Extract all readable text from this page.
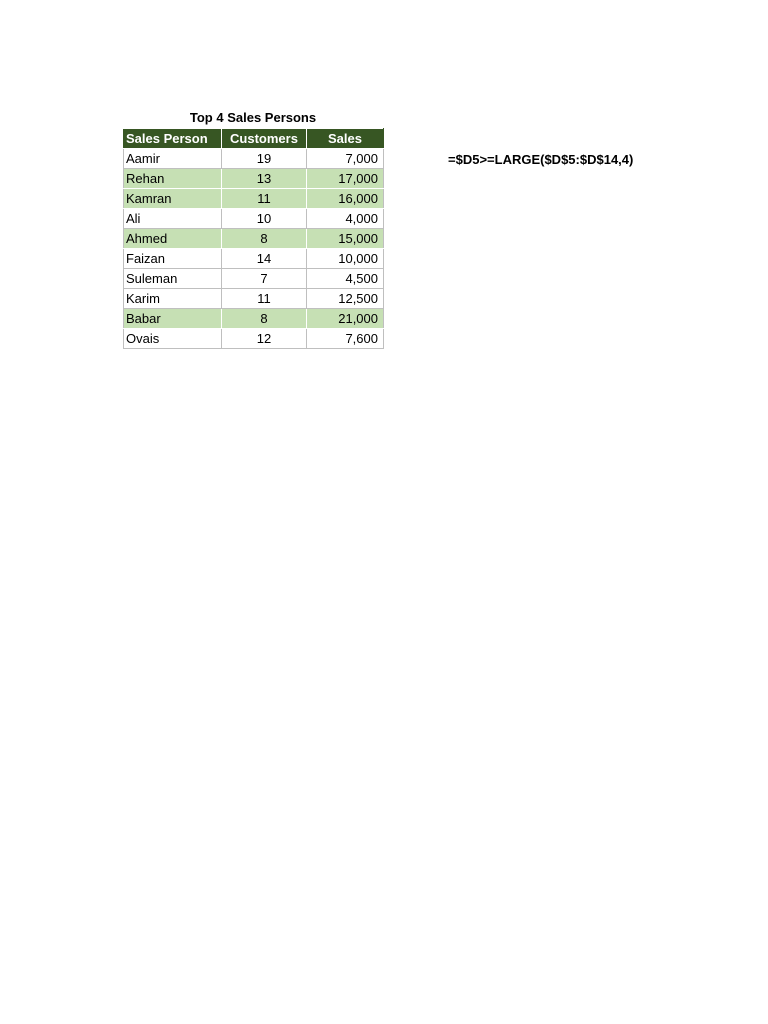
Top 4 Sales Persons
Sales Person	Customers	Sales
Aamir	19	7,000
Rehan	13	17,000
Kamran	11	16,000
Ali	10	4,000
Ahmed	8	15,000
Faizan	14	10,000
Suleman	7	4,500
Karim	11	12,500
Babar	8	21,000
Ovais	12	7,600
=$D5>=LARGE($D$5:$D$14,4)
